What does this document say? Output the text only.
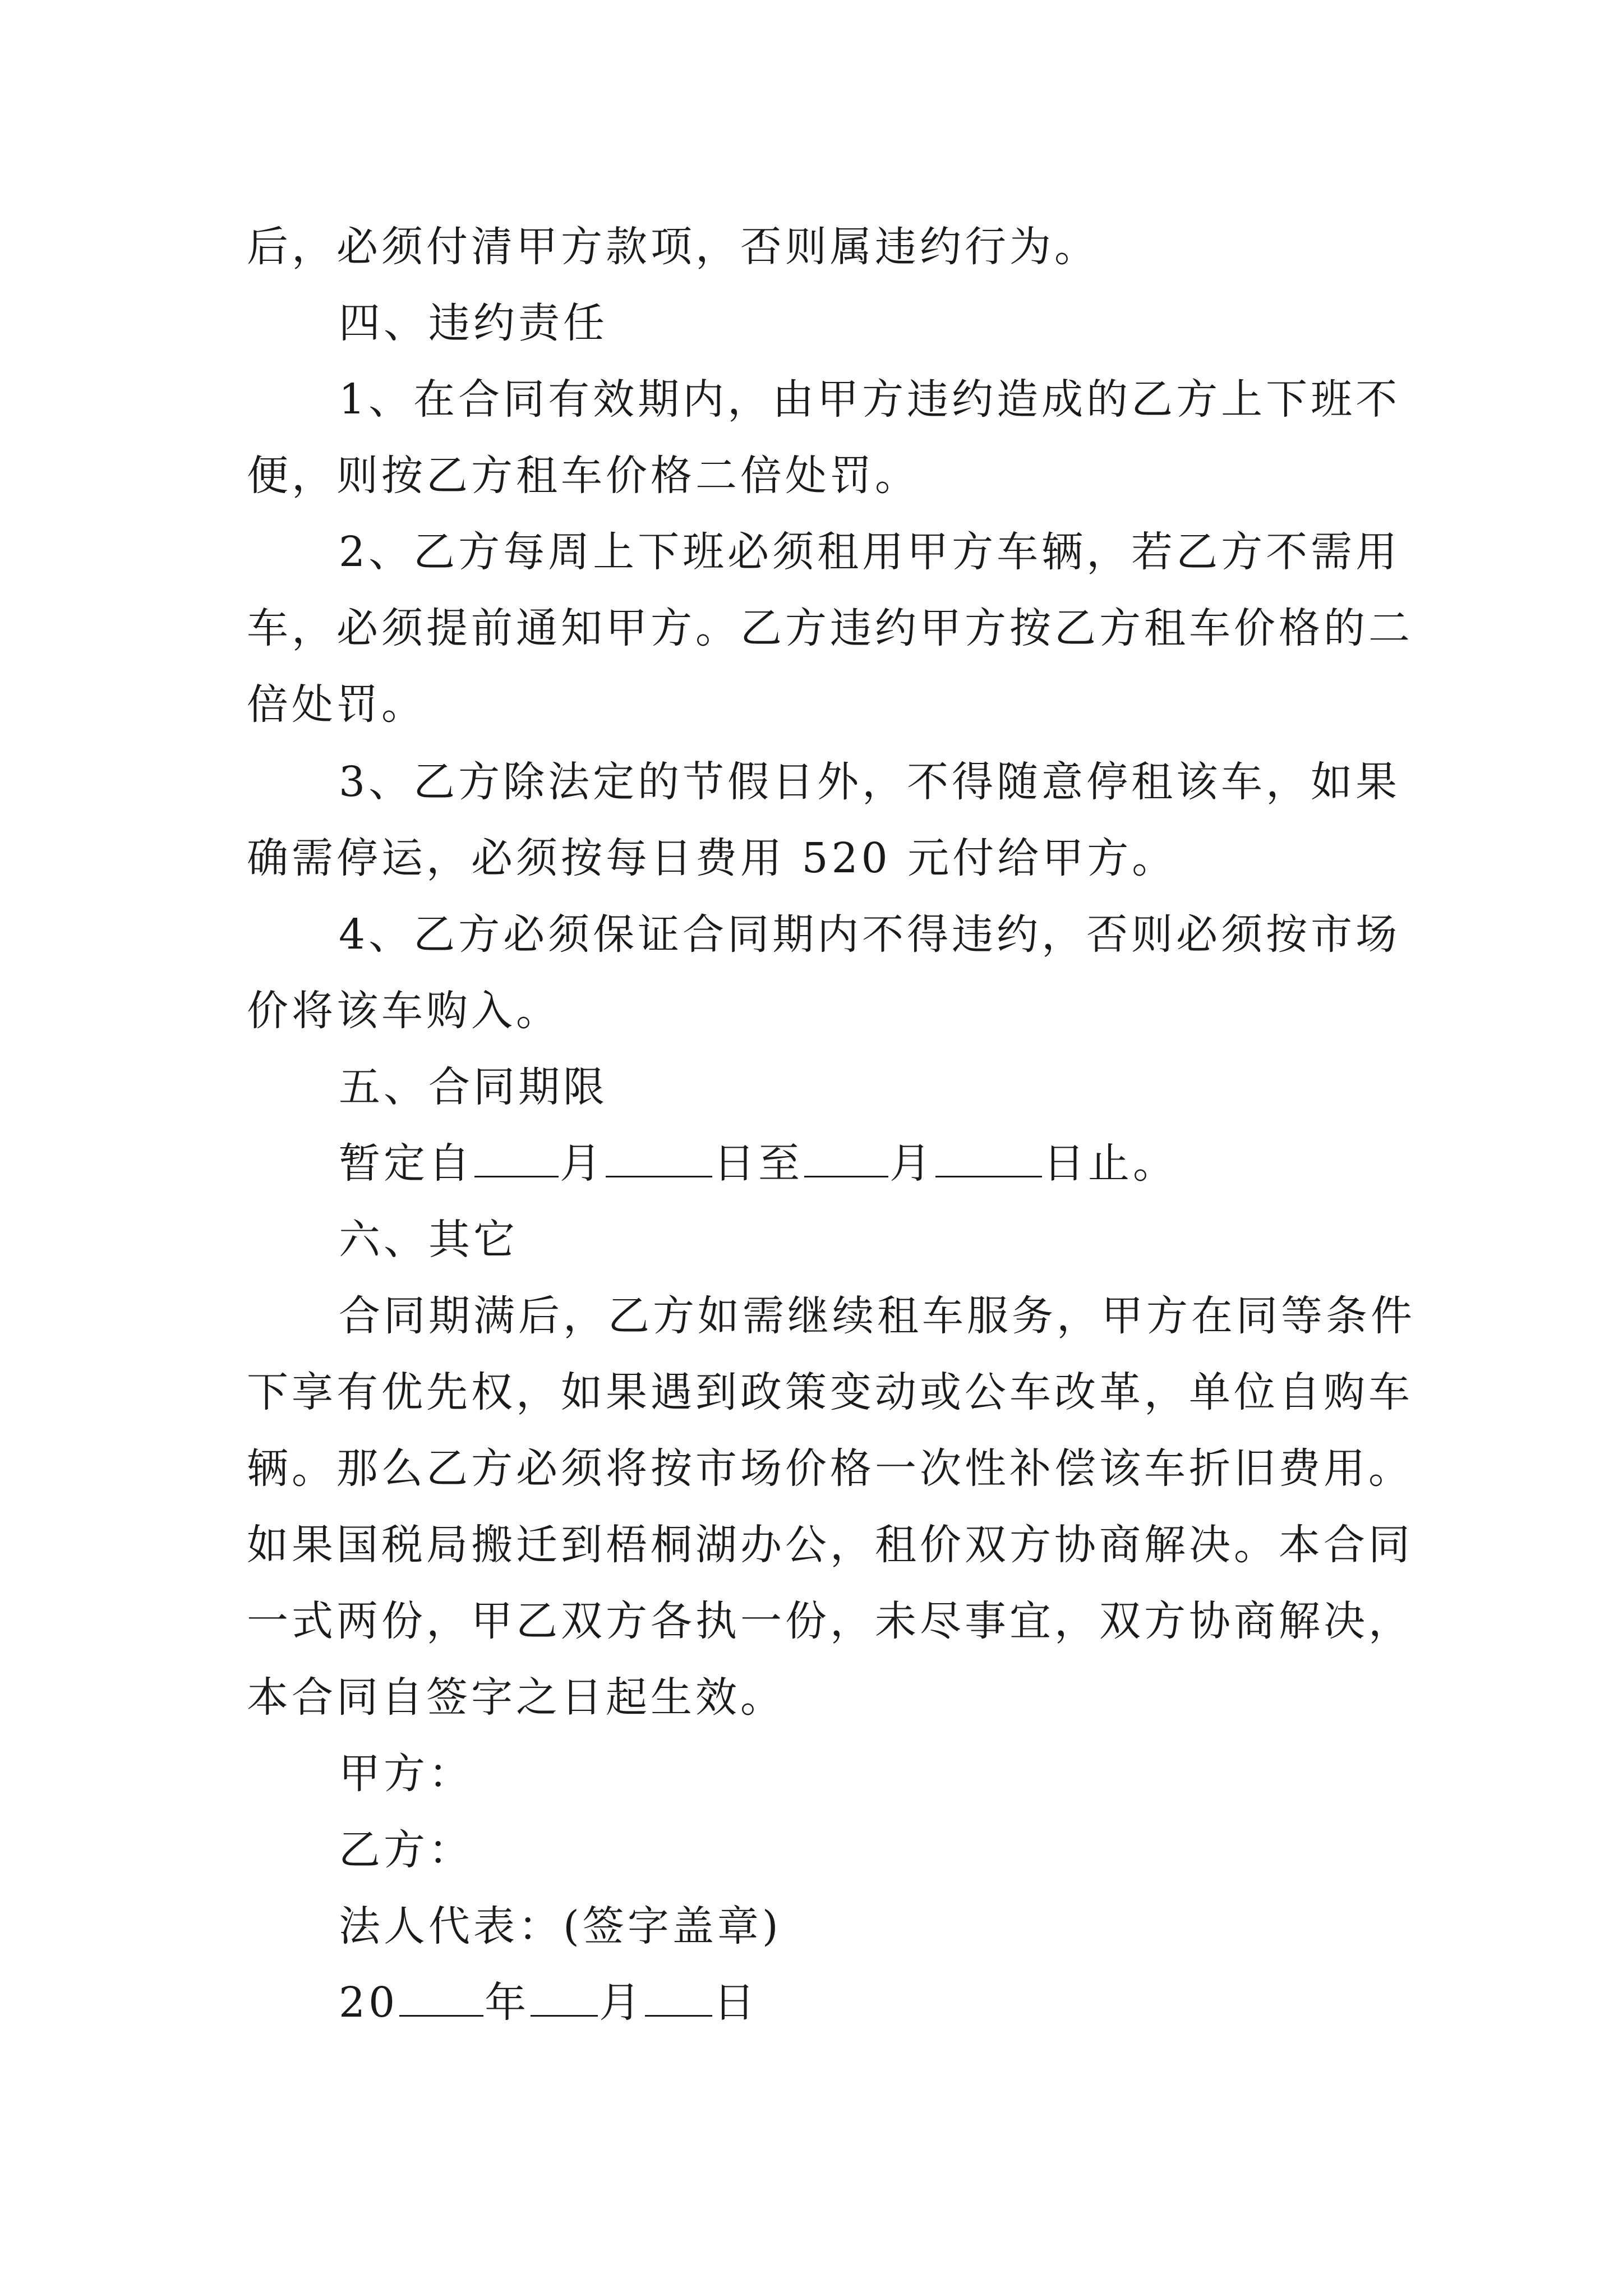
后，必须付清甲方款项，否则属违约行为。

四、违约责任

1、在合同有效期内，由甲方违约造成的乙方上下班不
便，则按乙方租车价格二倍处罚。

2、乙方每周上下班必须租用甲方车辆，若乙方不需用
车，必须提前通知甲方。乙方违约甲方按乙方租车价格的二
倍处罚。

3、乙方除法定的节假日外，不得随意停租该车，如果
确需停运，必须按每日费用 520 元付给甲方。

4、乙方必须保证合同期内不得违约，否则必须按市场
价将该车购入。

五、合同期限

暂定自 月	日至 月	日止。

六、其它

合同期满后，乙方如需继续租车服务，甲方在同等条件
下享有优先权，如果遇到政策变动或公车改革，单位自购车
辆。那么乙方必须将按市场价格一次性补偿该车折旧费用。
如果国税局搬迁到梧桐湖办公，租价双方协商解决。本合同
一式两份，甲乙双方各执一份，未尽事宜，双方协商解决，
本合同自签字之日起生效。

甲方：

乙方：

法人代表：(签字盖章)

20 年 月 日
